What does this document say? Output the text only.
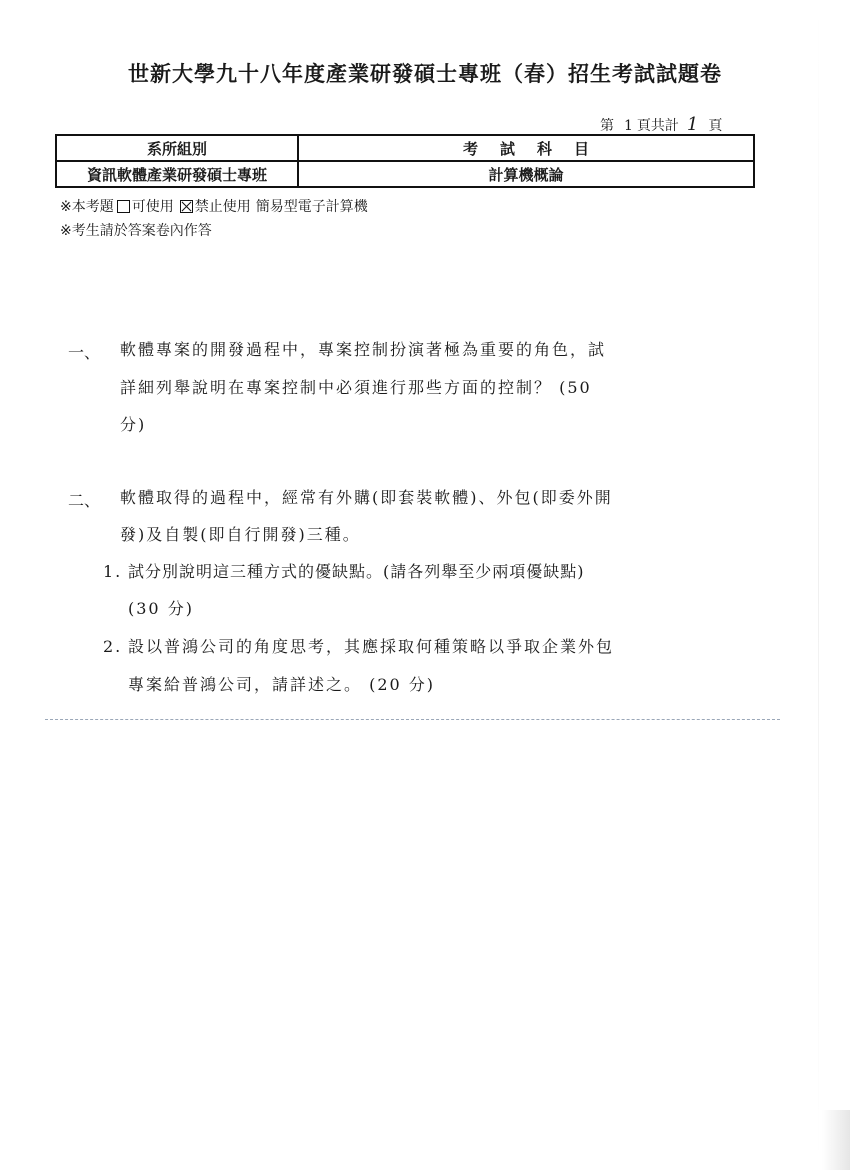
世新大學九十八年度產業研發碩士專班（春）招生考試試題卷
第 1 頁共計 1 頁
系所組別	考試科目
資訊軟體產業研發碩士專班	計算機概論
※本考題 可使用 禁止使用 簡易型電子計算機
※考生請於答案卷內作答
一、 軟體專案的開發過程中，專案控制扮演著極為重要的角色，試
詳細列舉說明在專案控制中必須進行那些方面的控制？ (50
分)
二、 軟體取得的過程中，經常有外購(即套裝軟體)、外包(即委外開
發)及自製(即自行開發)三種。
1. 試分別說明這三種方式的優缺點。(請各列舉至少兩項優缺點)
(30 分)
2. 設以普鴻公司的角度思考，其應採取何種策略以爭取企業外包
專案給普鴻公司，請詳述之。 (20 分)
